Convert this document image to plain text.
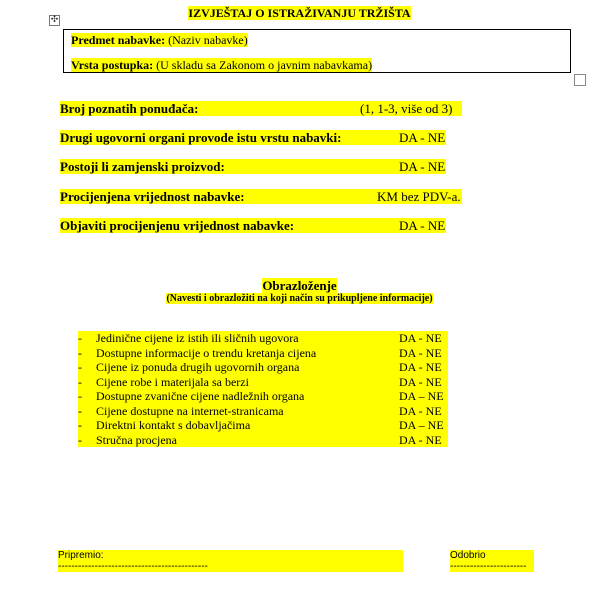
IZVJEŠTAJ O ISTRAŽIVANJU TRŽIŠTA
✣
Predmet nabavke: (Naziv nabavke)
Vrsta postupka: (U skladu sa Zakonom o javnim nabavkama)
Broj poznatih ponuđača:	(1, 1-3, više od 3)
Drugi ugovorni organi provode istu vrstu nabavki:	DA - NE
Postoji li zamjenski proizvod:	DA - NE
Procijenjena vrijednost nabavke:	KM bez PDV-a.
Objaviti procijenjenu vrijednost nabavke:	DA - NE
Obrazloženje
(Navesti i obrazložiti na koji način su prikupljene informacije)
- Jedinične cijene iz istih ili sličnih ugovora	DA - NE
- Dostupne informacije o trendu kretanja cijena	DA - NE
- Cijene iz ponuda drugih ugovornih organa	DA - NE
- Cijene robe i materijala sa berzi	DA - NE
- Dostupne zvanične cijene nadležnih organa	DA – NE
- Cijene dostupne na internet-stranicama	DA - NE
- Direktni kontakt s dobavljačima	DA – NE
- Stručna procjena	DA - NE
Pripremio:
---------------------------------------------
Odobrio
-----------------------
